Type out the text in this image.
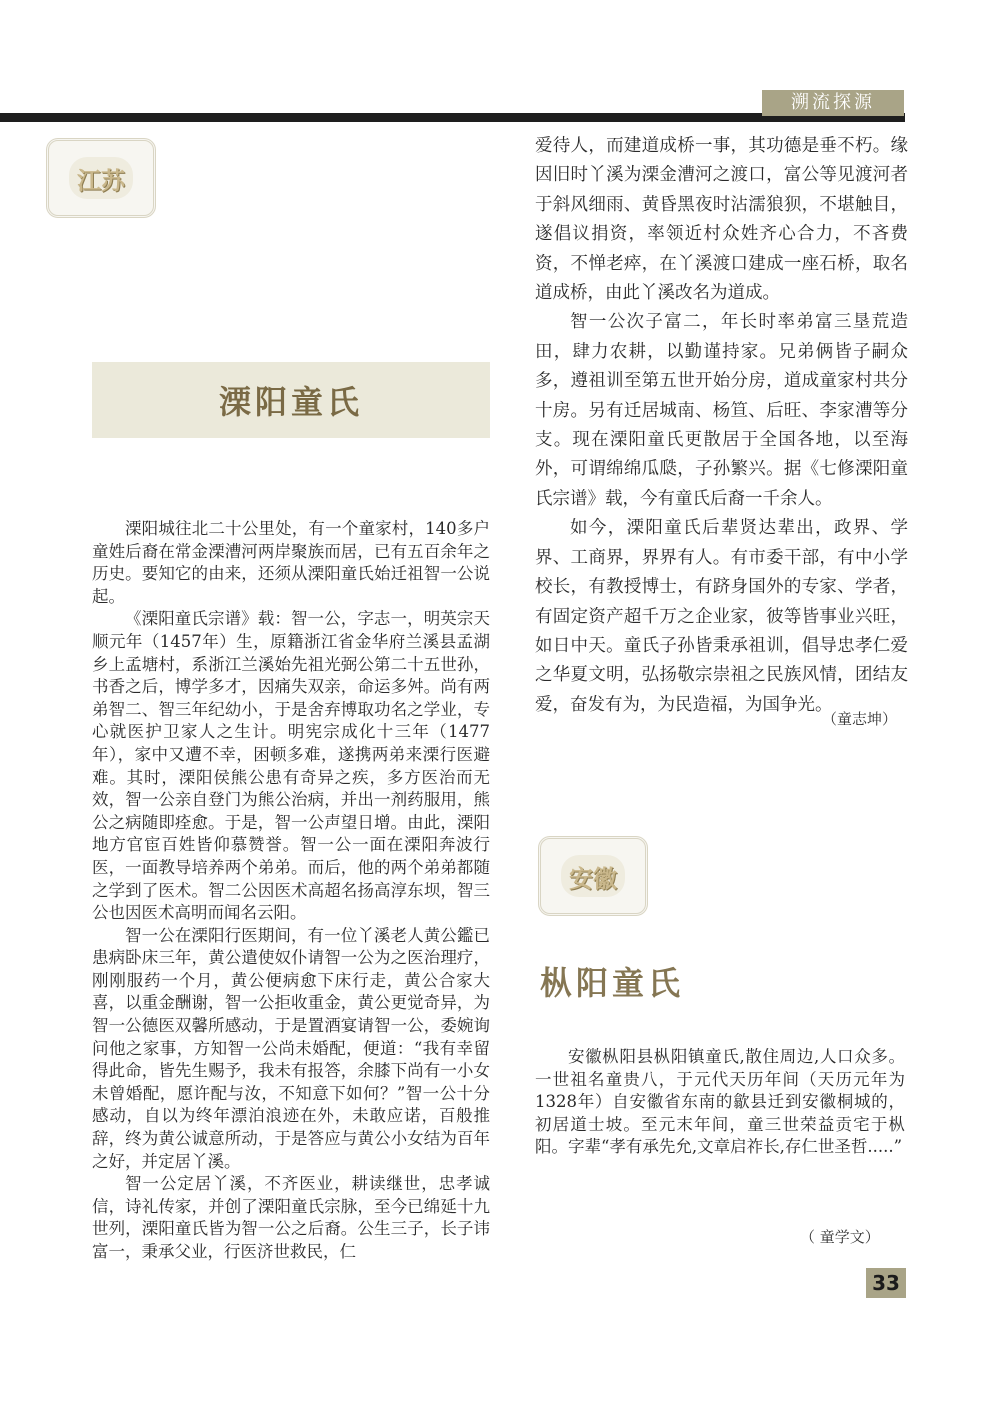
溯流探源
江苏
溧阳童氏

溧阳城往北二十公里处，有一个童家村，140多户童姓后裔在常金溧漕河两岸聚族而居，已有五百余年之历史。要知它的由来，还须从溧阳童氏始迁祖智一公说起。

《溧阳童氏宗谱》载：智一公，字志一，明英宗天顺元年（1457年）生，原籍浙江省金华府兰溪县孟湖乡上孟塘村，系浙江兰溪始先祖光弼公第二十五世孙，书香之后，博学多才，因痛失双亲，命运多舛。尚有两弟智二、智三年纪幼小，于是舍弃博取功名之学业，专心就医护卫家人之生计。明宪宗成化十三年（1477年），家中又遭不幸，困顿多难，遂携两弟来溧行医避难。其时，溧阳侯熊公患有奇异之疾，多方医治而无效，智一公亲自登门为熊公治病，并出一剂药服用，熊公之病随即痊愈。于是，智一公声望日增。由此，溧阳地方官宦百姓皆仰慕赞誉。智一公一面在溧阳奔波行医，一面教导培养两个弟弟。而后，他的两个弟弟都随之学到了医术。智二公因医术高超名扬高淳东坝，智三公也因医术高明而闻名云阳。

智一公在溧阳行医期间，有一位丫溪老人黄公鑑已患病卧床三年，黄公遣使奴仆请智一公为之医治理疗，刚刚服药一个月，黄公便病愈下床行走，黄公合家大喜，以重金酬谢，智一公拒收重金，黄公更觉奇异，为智一公德医双馨所感动，于是置酒宴请智一公，委婉询问他之家事，方知智一公尚未婚配，便道：“我有幸留得此命，皆先生赐予，我未有报答，余膝下尚有一小女未曾婚配，愿许配与汝，不知意下如何？”智一公十分感动，自以为终年漂泊浪迹在外，未敢应诺，百般推辞，终为黄公诚意所动，于是答应与黄公小女结为百年之好，并定居丫溪。

智一公定居丫溪，不齐医业，耕读继世，忠孝诚信，诗礼传家，并创了溧阳童氏宗脉，至今已绵延十九世列，溧阳童氏皆为智一公之后裔。公生三子，长子讳富一，秉承父业，行医济世救民，仁

爱待人，而建道成桥一事，其功德是垂不朽。缘因旧时丫溪为溧金漕河之渡口，富公等见渡河者于斜风细雨、黄昏黑夜时沾濡狼狈，不堪触目，遂倡议捐资，率领近村众姓齐心合力，不吝费资，不惮老瘁，在丫溪渡口建成一座石桥，取名道成桥，由此丫溪改名为道成。

智一公次子富二，年长时率弟富三垦荒造田，肆力农耕，以勤谨持家。兄弟俩皆子嗣众多，遵祖训至第五世开始分房，道成童家村共分十房。另有迁居城南、杨笪、后旺、李家漕等分支。现在溧阳童氏更散居于全国各地，以至海外，可谓绵绵瓜瓞，子孙繁兴。据《七修溧阳童氏宗谱》载，今有童氏后裔一千余人。

如今，溧阳童氏后辈贤达辈出，政界、学界、工商界，界界有人。有市委干部，有中小学校长，有教授博士，有跻身国外的专家、学者，有固定资产超千万之企业家，彼等皆事业兴旺，如日中天。童氏子孙皆秉承祖训，倡导忠孝仁爱之华夏文明，弘扬敬宗崇祖之民族风情，团结友爱，奋发有为，为民造福，为国争光。

（童志坤）
安徽
枞阳童氏

安徽枞阳县枞阳镇童氏,散住周边,人口众多。一世祖名童贵八，于元代天历年间（天历元年为1328年）自安徽省东南的歙县迁到安徽桐城的，初居道士坡。至元末年间，童三世荣益贡宅于枞阳。字辈“孝有承先允,文章启祚长,存仁世圣哲.....”

（ 童学文）
33
